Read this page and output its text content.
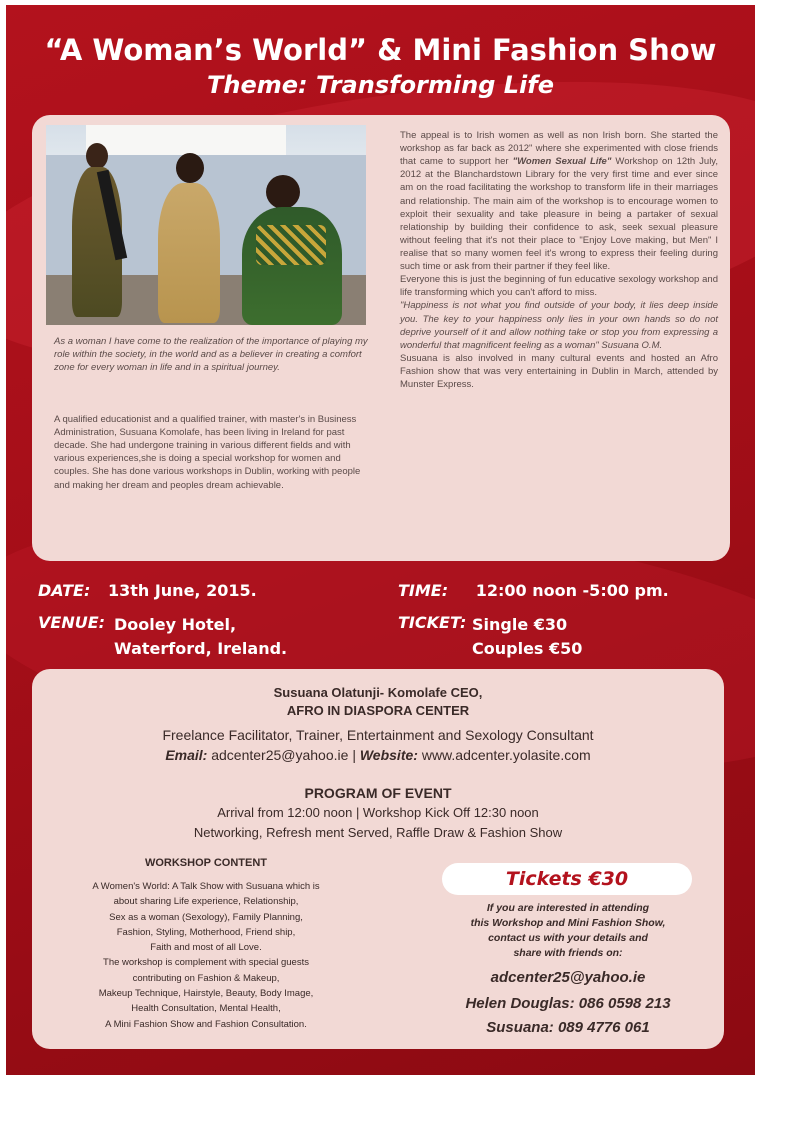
“A Woman’s World” & Mini Fashion Show
Theme: Transforming Life
As a woman I have come to the realization of the importance of playing my role within the society, in the world and as a believer in creating a comfort zone for every woman in life and in a spiritual journey.
A qualified educationist and a qualified trainer, with master's in Business Administration, Susuana Komolafe, has been living in Ireland for past decade. She had undergone training in various different fields and with various experiences,she is doing a special workshop for women and couples. She has done various workshops in Dublin, working with people and making her dream and peoples dream achievable.
The appeal is to Irish women as well as non Irish born. She started the workshop as far back as 2012" where she experimented with close friends that came to support her "Women Sexual Life" Workshop on 12th July, 2012 at the Blanchardstown Library for the very first time and ever since am on the road facilitating the workshop to transform life in their marriages and relationship. The main aim of the workshop is to encourage women to exploit their sexuality and take pleasure in being a partaker of sexual relationship by building their confidence to ask, seek sexual pleasure without feeling that it's not their place to "Enjoy Love making, but Men" I realise that so many women feel it's wrong to express their feeling during such time or ask from their partner if they feel like.
Everyone this is just the beginning of fun educative sexology workshop and life transforming which you can't afford to miss.
"Happiness is not what you find outside of your body, it lies deep inside you. The key to your happiness only lies in your own hands so do not deprive yourself of it and allow nothing take or stop you from expressing a wonderful that magnificent feeling as a woman" Susuana O.M.
Susuana is also involved in many cultural events and hosted an Afro Fashion show that was very entertaining in Dublin in March, attended by Munster Express.
DATE: 13th June, 2015.
VENUE: Dooley Hotel,
Waterford, Ireland.
TIME: 12:00 noon -5:00 pm.
TICKET: Single €30
Couples €50
Susuana Olatunji- Komolafe CEO,
AFRO IN DIASPORA CENTER
Freelance Facilitator, Trainer, Entertainment and Sexology Consultant
Email: adcenter25@yahoo.ie | Website: www.adcenter.yolasite.com
PROGRAM OF EVENT
Arrival from 12:00 noon | Workshop Kick Off 12:30 noon
Networking, Refresh ment Served, Raffle Draw & Fashion Show
WORKSHOP CONTENT
A Women's World: A Talk Show with Susuana which is
about sharing Life experience, Relationship,
Sex as a woman (Sexology), Family Planning,
Fashion, Styling, Motherhood, Friend ship,
Faith and most of all Love.
The workshop is complement with special guests
contributing on Fashion & Makeup,
Makeup Technique, Hairstyle, Beauty, Body Image,
Health Consultation, Mental Health,
A Mini Fashion Show and Fashion Consultation.
Tickets €30
If you are interested in attending
this Workshop and Mini Fashion Show,
contact us with your details and
share with friends on:
adcenter25@yahoo.ie
Helen Douglas: 086 0598 213
Susuana: 089 4776 061
